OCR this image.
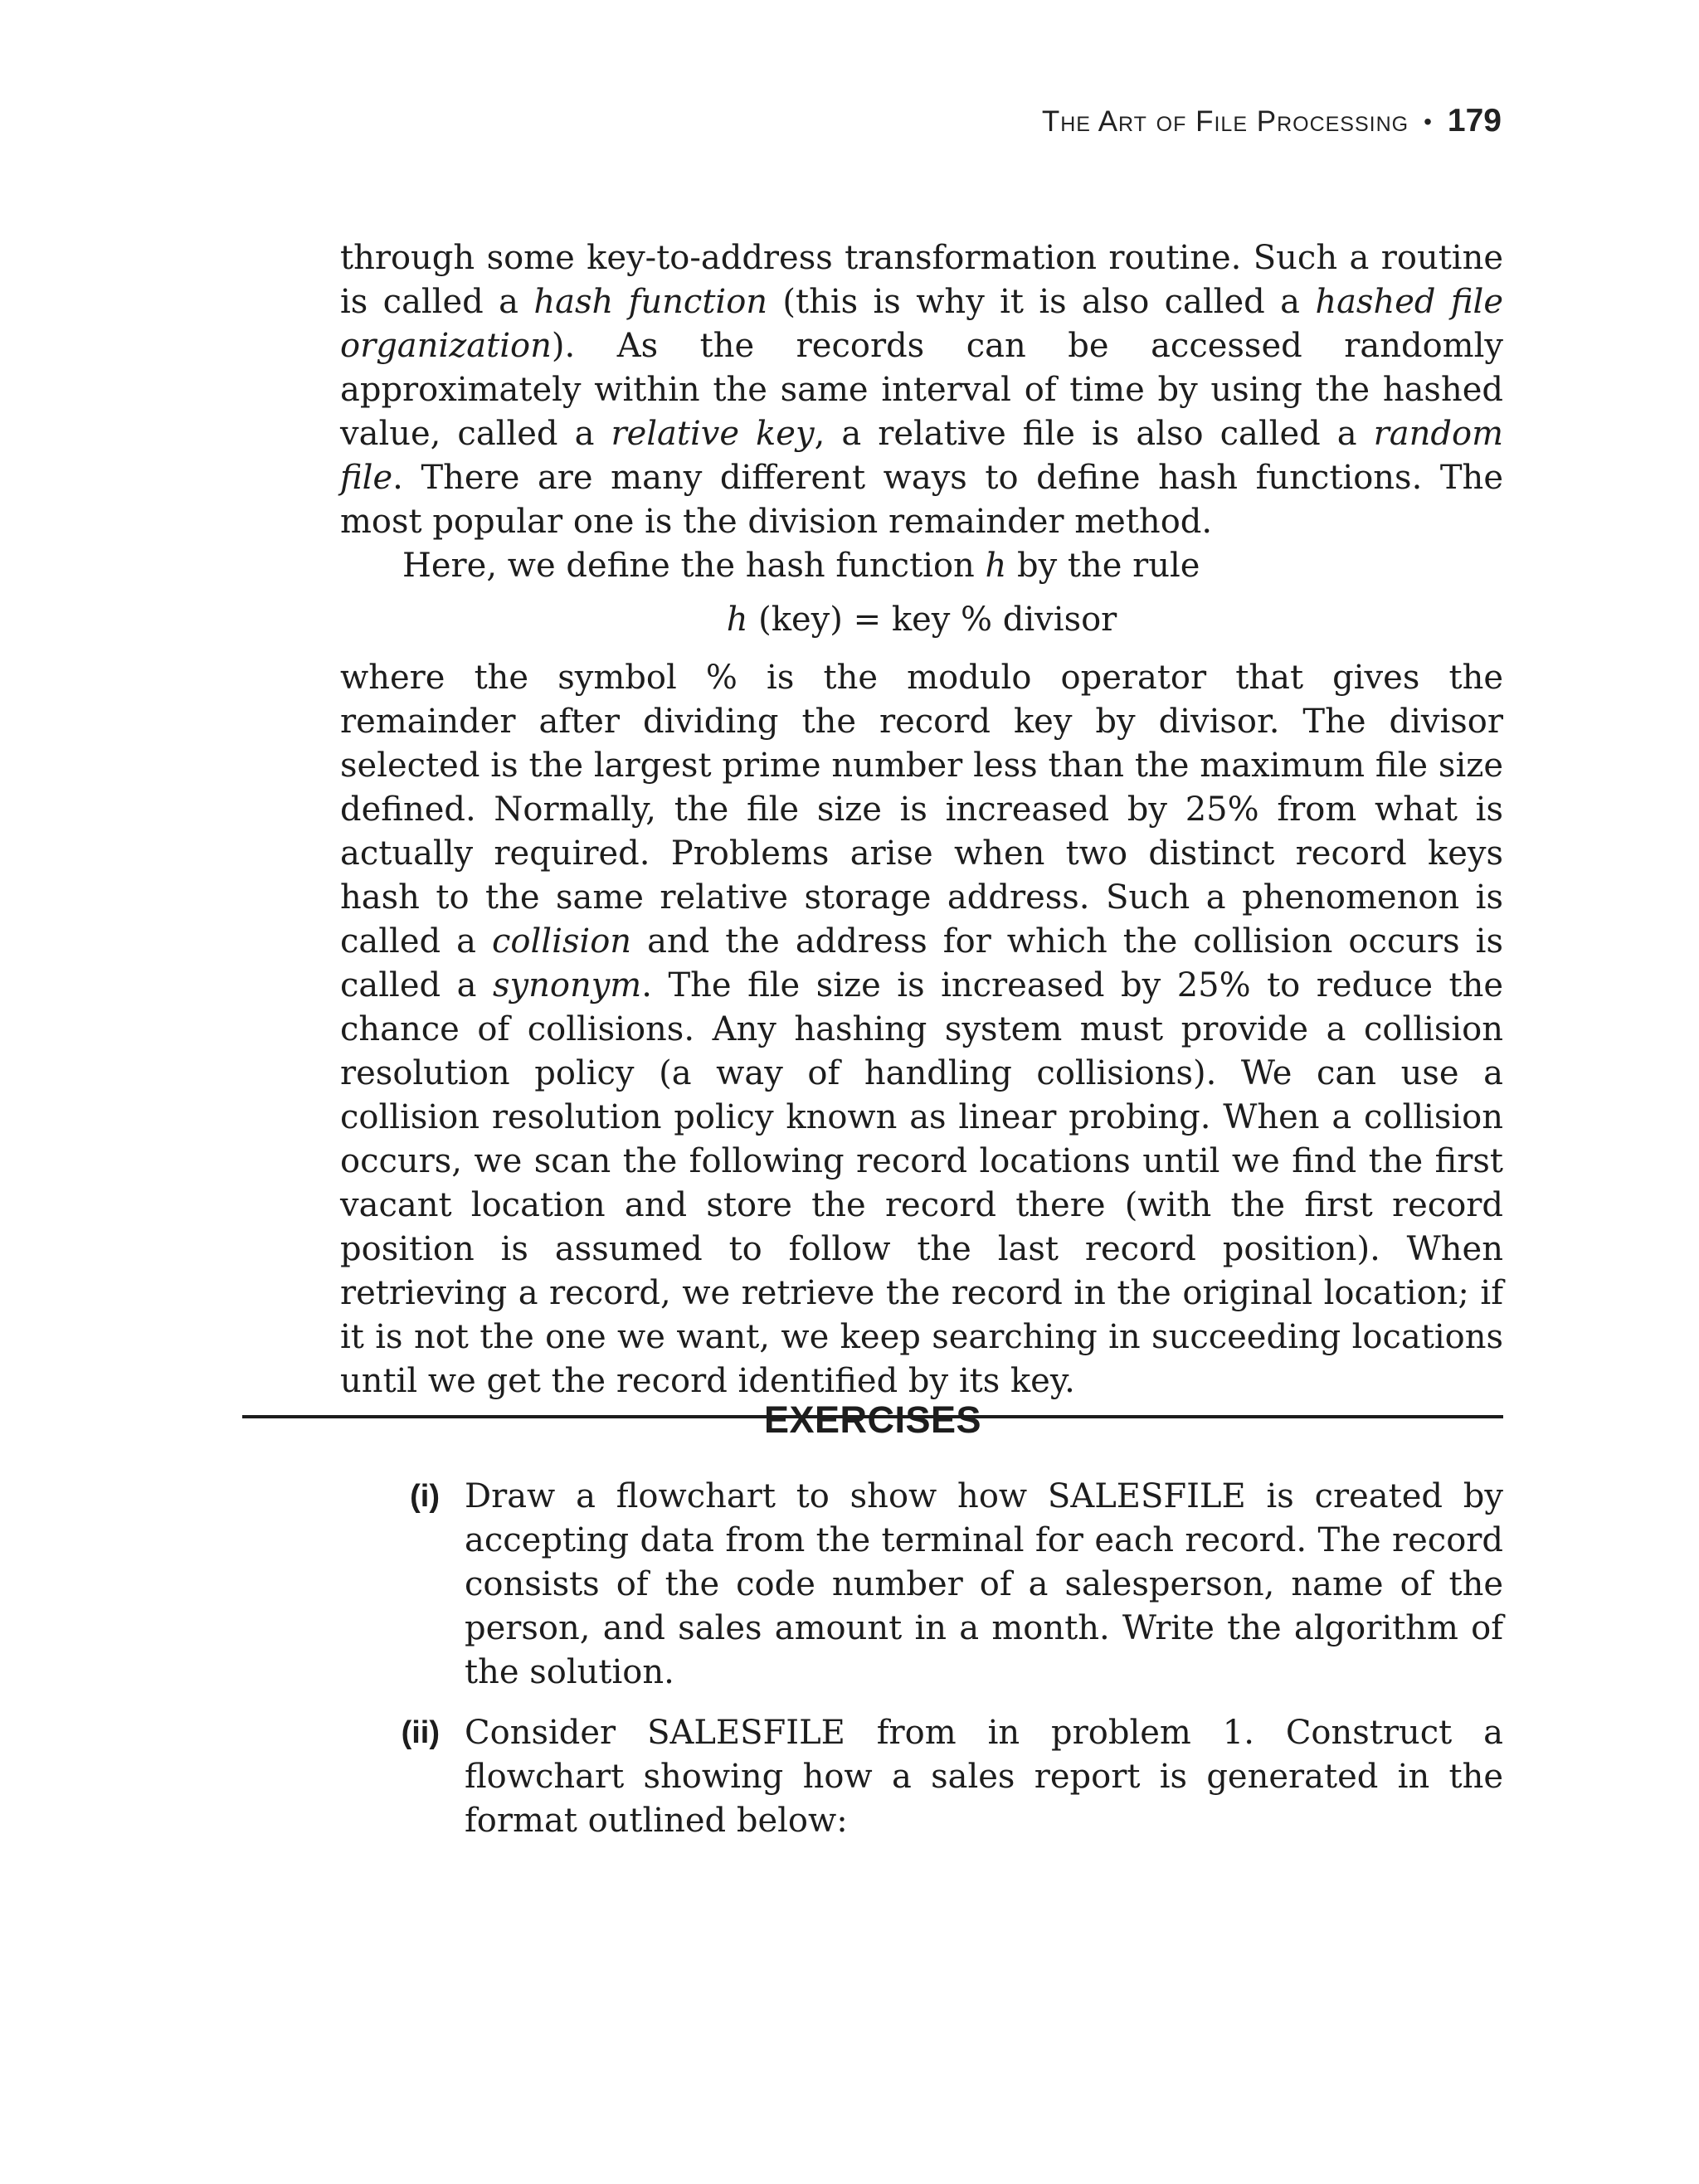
The Art of File Processing • 179

through some key-to-address transformation routine. Such a routine is called a hash function (this is why it is also called a hashed file organization). As the records can be accessed randomly approximately within the same interval of time by using the hashed value, called a relative key, a relative file is also called a random file. There are many different ways to define hash functions. The most popular one is the division remainder method.

Here, we define the hash function h by the rule

h (key) = key % divisor

where the symbol % is the modulo operator that gives the remainder after dividing the record key by divisor. The divisor selected is the largest prime number less than the maximum file size defined. Normally, the file size is increased by 25% from what is actually required. Problems arise when two distinct record keys hash to the same relative storage address. Such a phenomenon is called a collision and the address for which the collision occurs is called a synonym. The file size is increased by 25% to reduce the chance of collisions. Any hashing system must provide a collision resolution policy (a way of handling collisions). We can use a collision resolution policy known as linear probing. When a collision occurs, we scan the following record locations until we find the first vacant location and store the record there (with the first record position is assumed to follow the last record position). When retrieving a record, we retrieve the record in the original location; if it is not the one we want, we keep searching in succeeding locations until we get the record identified by its key.

EXERCISES
(i) Draw a flowchart to show how SALESFILE is created by accepting data from the terminal for each record. The record consists of the code number of a salesperson, name of the person, and sales amount in a month. Write the algorithm of the solution.
(ii) Consider SALESFILE from in problem 1. Construct a flowchart showing how a sales report is generated in the format outlined below:
